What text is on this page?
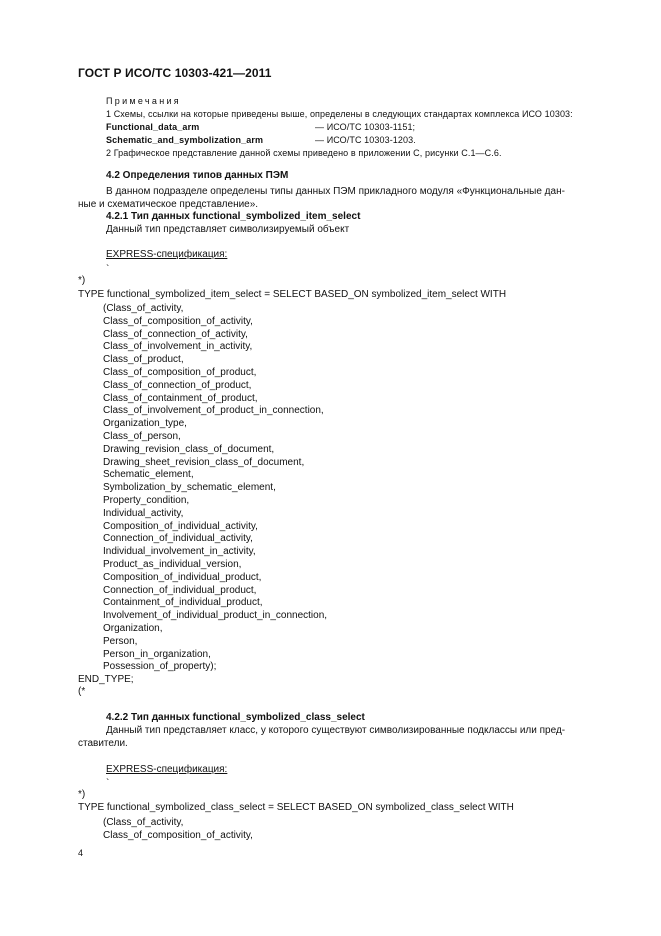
ГОСТ Р ИСО/ТС 10303-421—2011
Примечания
1 Схемы, ссылки на которые приведены выше, определены в следующих стандартах комплекса ИСО 10303:
Functional_data_arm	— ИСО/ТС 10303-1151;
Schematic_and_symbolization_arm	— ИСО/ТС 10303-1203.
2 Графическое представление данной схемы приведено в приложении С, рисунки С.1—С.6.
4.2 Определения типов данных ПЭМ
В данном подразделе определены типы данных ПЭМ прикладного модуля «Функциональные дан-
ные и схематическое представление».
4.2.1 Тип данных functional_symbolized_item_select
Данный тип представляет символизируемый объект
EXPRESS-спецификация:
`
*)
TYPE functional_symbolized_item_select = SELECT BASED_ON symbolized_item_select WITH
(Class_of_activity,
Class_of_composition_of_activity,
Class_of_connection_of_activity,
Class_of_involvement_in_activity,
Class_of_product,
Class_of_composition_of_product,
Class_of_connection_of_product,
Class_of_containment_of_product,
Class_of_involvement_of_product_in_connection,
Organization_type,
Class_of_person,
Drawing_revision_class_of_document,
Drawing_sheet_revision_class_of_document,
Schematic_element,
Symbolization_by_schematic_element,
Property_condition,
Individual_activity,
Composition_of_individual_activity,
Connection_of_individual_activity,
Individual_involvement_in_activity,
Product_as_individual_version,
Composition_of_individual_product,
Connection_of_individual_product,
Containment_of_individual_product,
Involvement_of_individual_product_in_connection,
Organization,
Person,
Person_in_organization,
Possession_of_property);
END_TYPE;
(*
4.2.2 Тип данных functional_symbolized_class_select
Данный тип представляет класс, у которого существуют символизированные подклассы или пред-
ставители.
EXPRESS-спецификация:
`
*)
TYPE functional_symbolized_class_select = SELECT BASED_ON symbolized_class_select WITH
(Class_of_activity,
Class_of_composition_of_activity,
4
